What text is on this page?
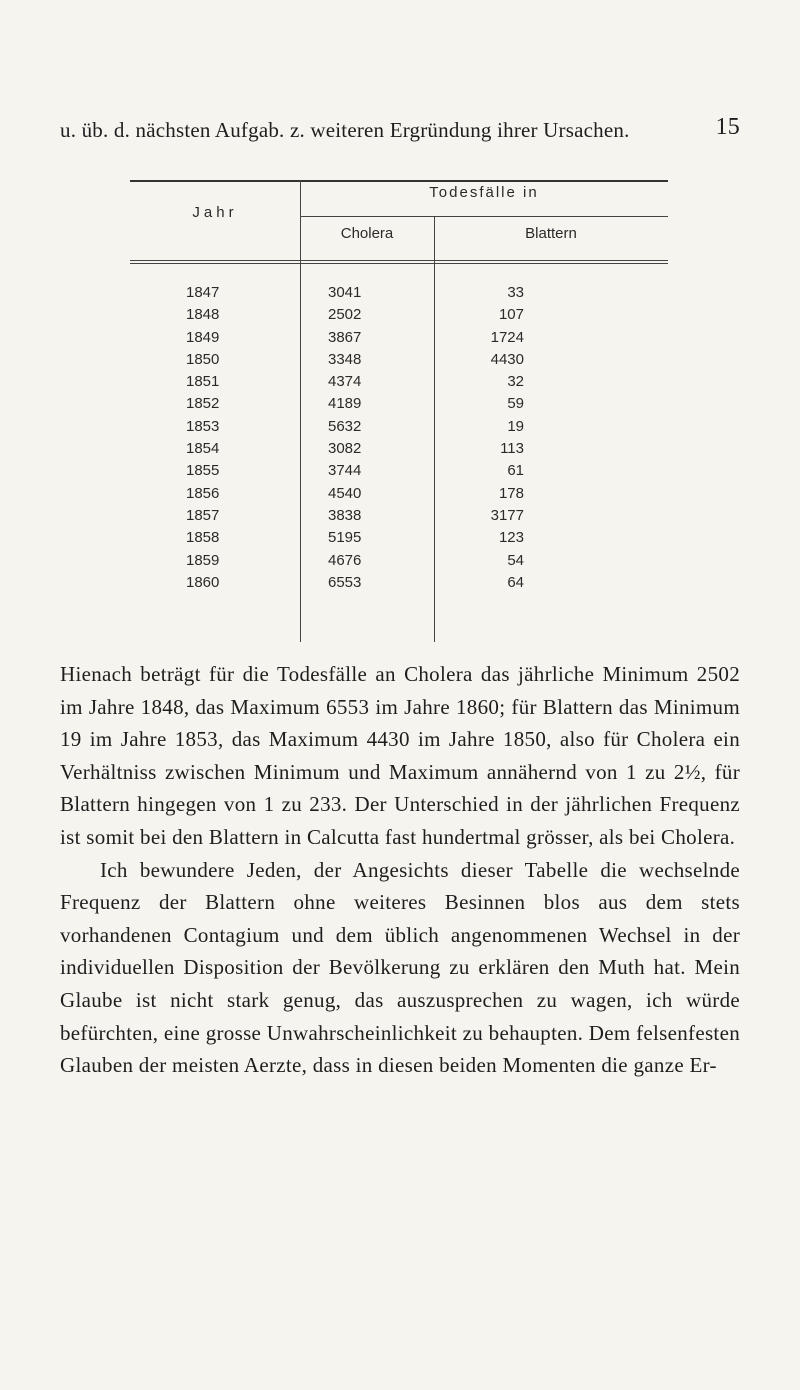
u. üb. d. nächsten Aufgab. z. weiteren Ergründung ihrer Ursachen.	15
Jahr
Todesfälle in
Cholera	Blattern
1847	3041	33
1848	2502	107
1849	3867	1724
1850	3348	4430
1851	4374	32
1852	4189	59
1853	5632	19
1854	3082	113
1855	3744	61
1856	4540	178
1857	3838	3177
1858	5195	123
1859	4676	54
1860	6553	64

Hienach beträgt für die Todesfälle an Cholera das jährliche Minimum 2502 im Jahre 1848, das Maximum 6553 im Jahre 1860; für Blattern das Minimum 19 im Jahre 1853, das Maximum 4430 im Jahre 1850, also für Cholera ein Verhältniss zwischen Minimum und Maximum annähernd von 1 zu 2½, für Blattern hingegen von 1 zu 233. Der Unterschied in der jährlichen Frequenz ist somit bei den Blattern in Calcutta fast hundertmal grösser, als bei Cholera.

Ich bewundere Jeden, der Angesichts dieser Tabelle die wechselnde Frequenz der Blattern ohne weiteres Besinnen blos aus dem stets vorhandenen Contagium und dem üblich angenommenen Wechsel in der individuellen Disposition der Bevölkerung zu erklären den Muth hat. Mein Glaube ist nicht stark genug, das auszusprechen zu wagen, ich würde befürchten, eine grosse Unwahrscheinlichkeit zu behaupten. Dem felsenfesten Glauben der meisten Aerzte, dass in diesen beiden Momenten die ganze Er-
